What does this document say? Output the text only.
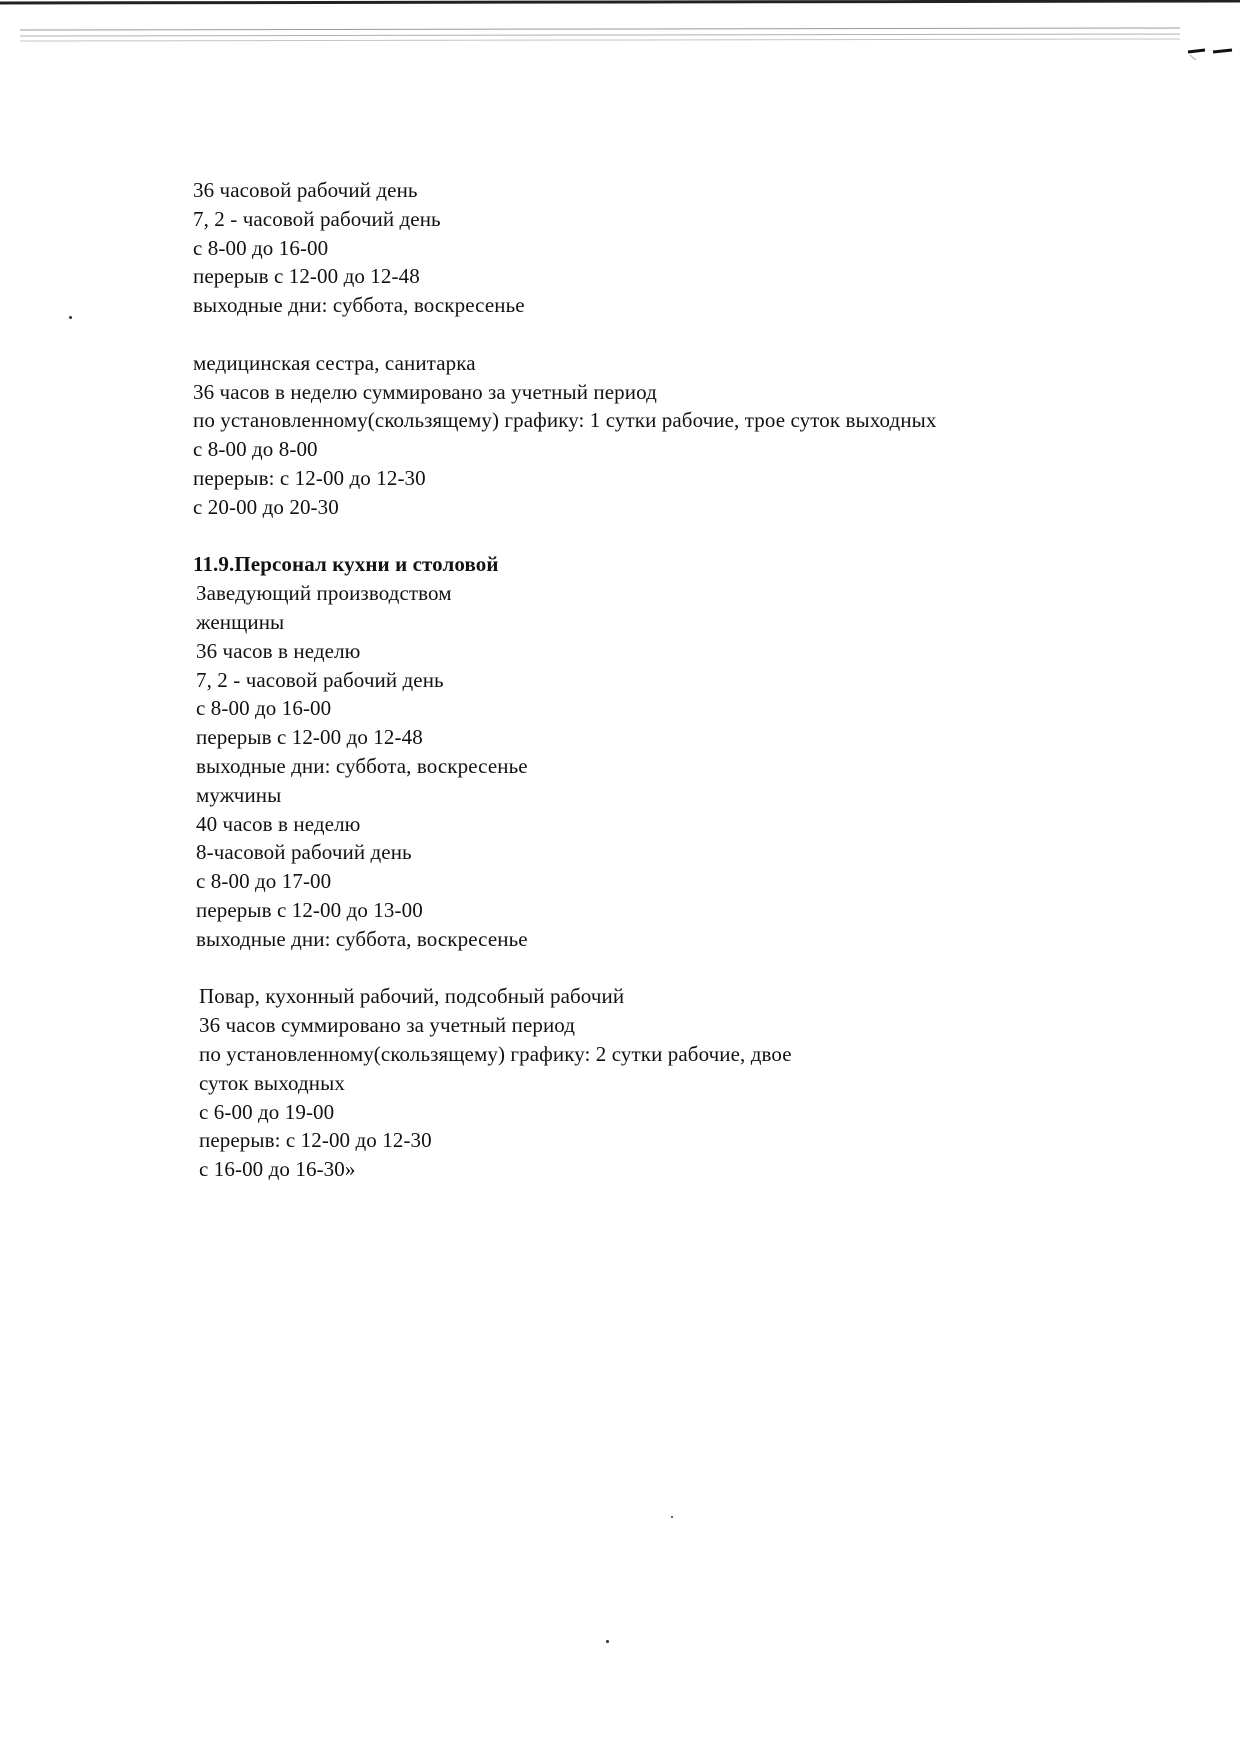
36 часовой рабочий день
7, 2 - часовой рабочий день
с 8-00 до 16-00
перерыв с 12-00 до 12-48
выходные дни: суббота, воскресенье
медицинская сестра, санитарка
36 часов в неделю суммировано за учетный период
по установленному(скользящему) графику: 1 сутки рабочие, трое суток выходных
с 8-00 до 8-00
перерыв: с 12-00 до 12-30
с 20-00 до 20-30
11.9.Персонал кухни и столовой
Заведующий производством
женщины
36 часов в неделю
7, 2 - часовой рабочий день
с 8-00 до 16-00
перерыв с 12-00 до 12-48
выходные дни: суббота, воскресенье
мужчины
40 часов в неделю
8-часовой рабочий день
с 8-00 до 17-00
перерыв с 12-00 до 13-00
выходные дни: суббота, воскресенье
Повар, кухонный рабочий, подсобный рабочий
36 часов суммировано за учетный период
по установленному(скользящему) графику: 2 сутки рабочие, двое
суток выходных
с 6-00 до 19-00
перерыв: с 12-00 до 12-30
с 16-00 до 16-30»
